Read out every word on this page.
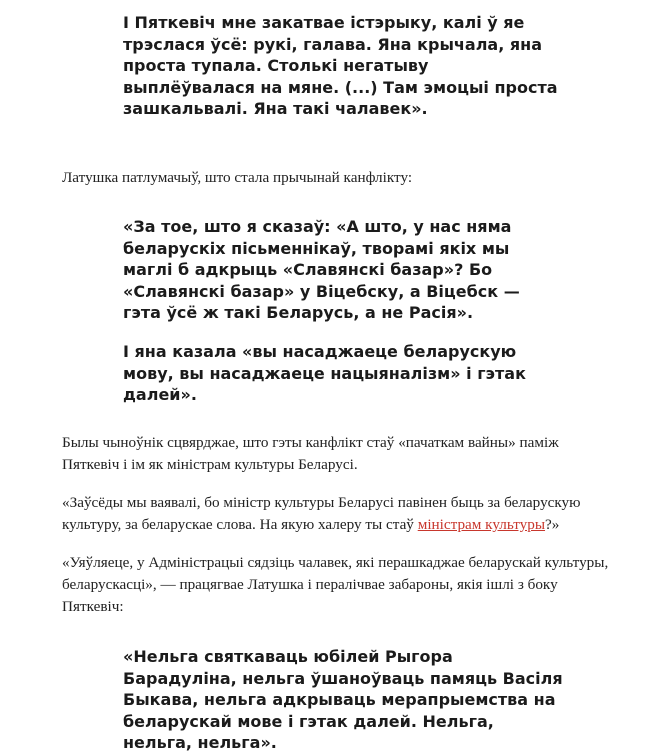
І Пяткевіч мне закатвае істэрыку, калі ў яе трэслася ўсё: рукі, галава. Яна крычала, яна проста тупала. Столькі негатыву выплёўвалася на мяне. (...) Там эмоцыі проста зашкальвалі. Яна такі чалавек».

Латушка патлумачыў, што стала прычынай канфлікту:

«За тое, што я сказаў: «А што, у нас няма беларускіх пісьменнікаў, творамі якіх мы маглі б адкрыць «Славянскі базар»? Бо «Славянскі базар» у Віцебску, а Віцебск — гэта ўсё ж такі Беларусь, а не Расія».

І яна казала «вы насаджаеце беларускую мову, вы насаджаеце нацыяналізм» і гэтак далей».

Былы чыноўнік сцвярджае, што гэты канфлікт стаў «пачаткам вайны» паміж Пяткевіч і ім як міністрам культуры Беларусі.

«Заўсёды мы ваявалі, бо міністр культуры Беларусі павінен быць за беларускую культуру, за беларускае слова. На якую халеру ты стаў міністрам культуры?»

«Уяўляеце, у Адміністрацыі сядзіць чалавек, які перашкаджае беларускай культуры, беларускасці», — працягвае Латушка і пералічвае забароны, якія ішлі з боку Пяткевіч:

«Нельга святкаваць юбілей Рыгора Барадуліна, нельга ўшаноўваць памяць Васіля Быкава, нельга адкрываць мерапрыемства на беларускай мове і гэтак далей. Нельга, нельга, нельга».
